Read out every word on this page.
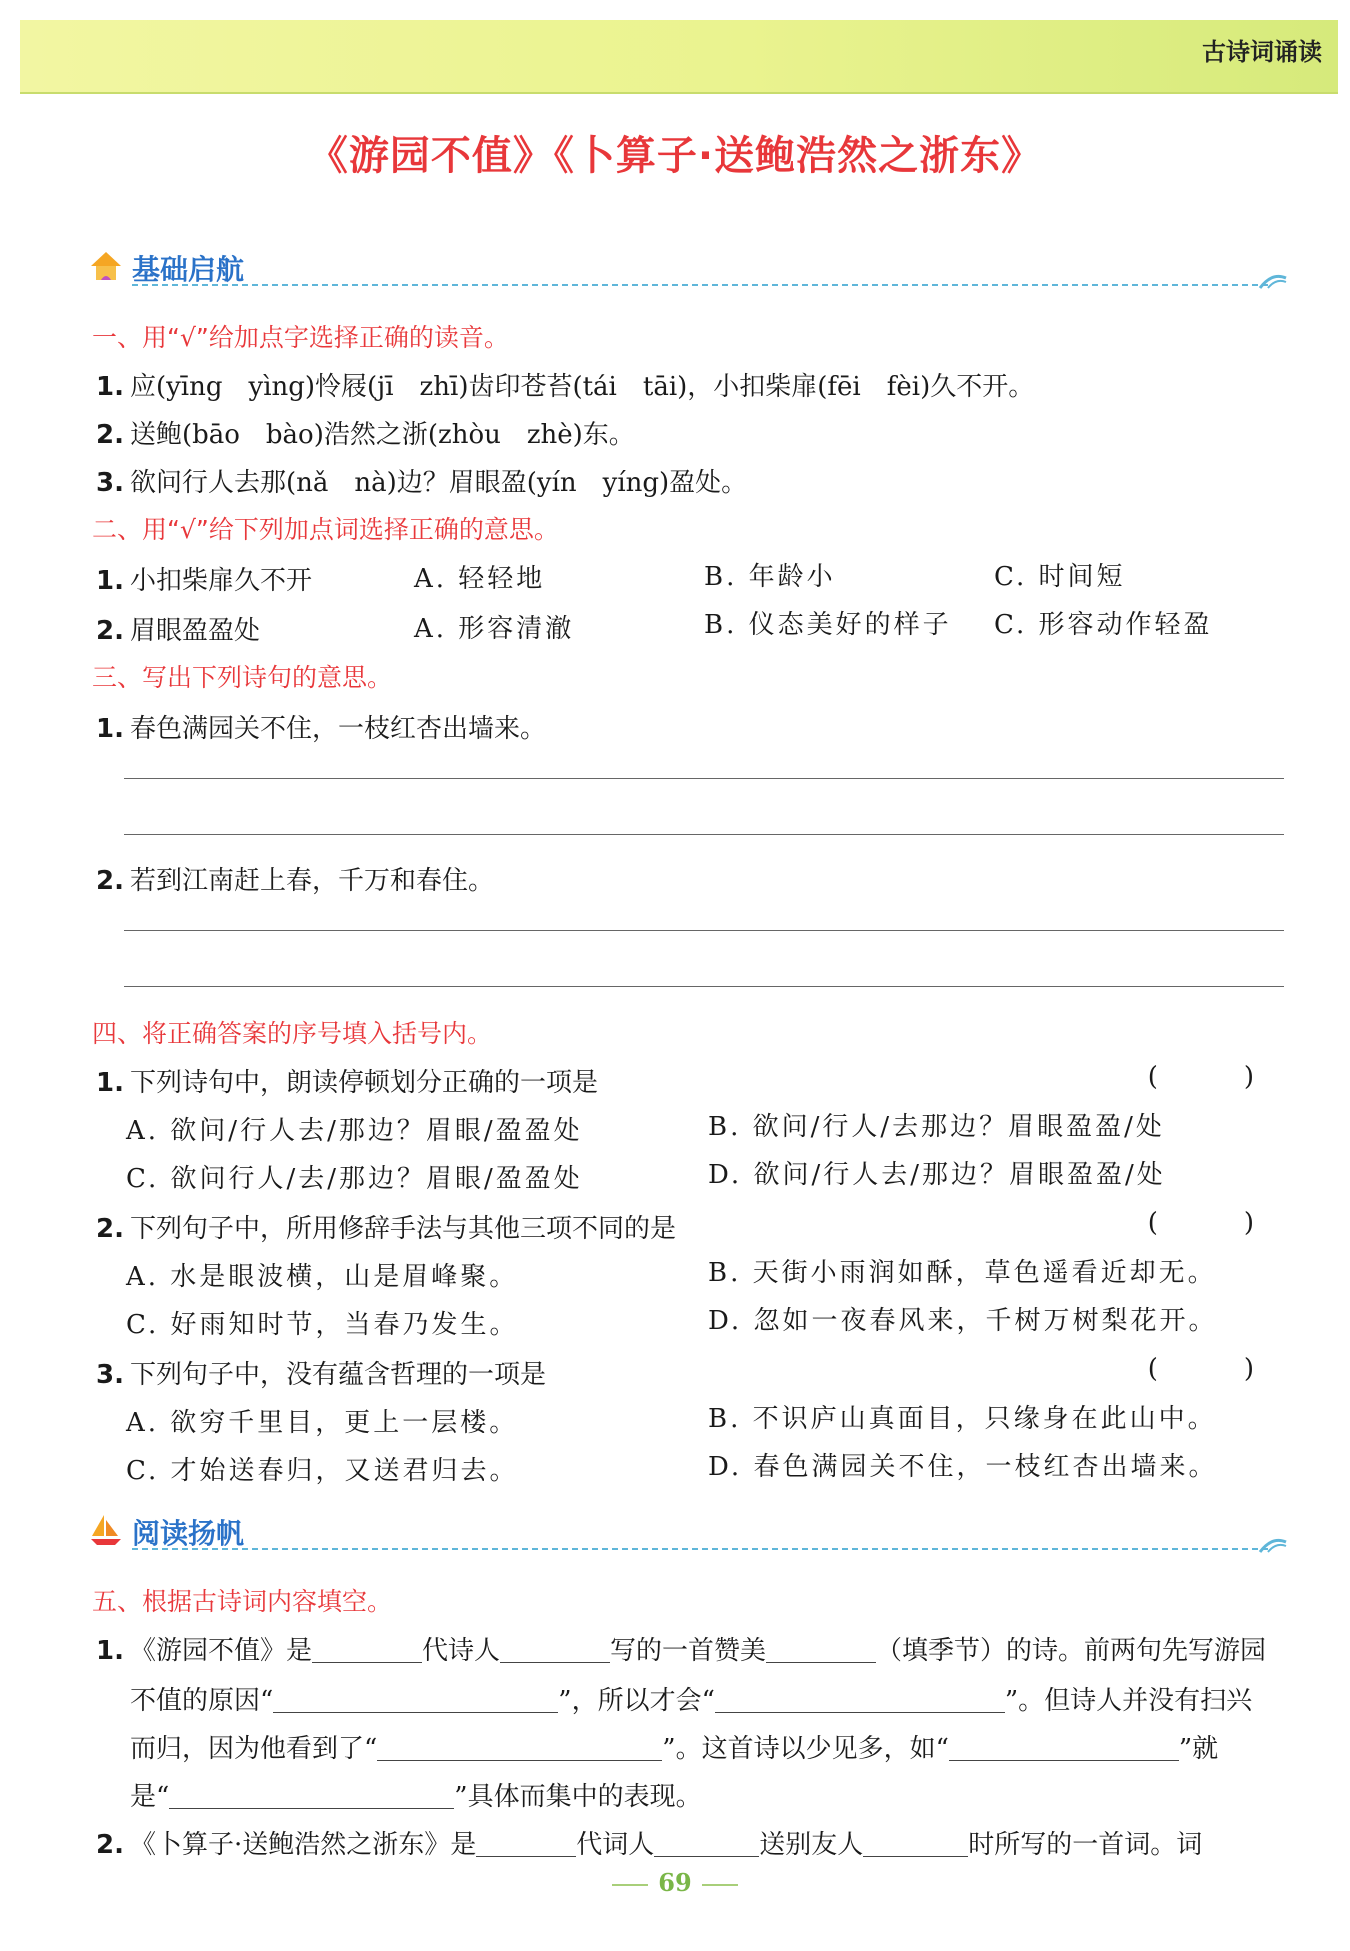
古诗词诵读
《游园不值》《卜算子·送鲍浩然之浙东》
基础启航
一、用“√”给加点字选择正确的读音。
1. 应(yīng　yìng)怜屐(jī　zhī)齿印苍苔(tái　tāi)，小扣柴扉(fēi　fèi)久不开。
2. 送鲍(bāo　bào)浩然之浙(zhòu　zhè)东。
3. 欲问行人去那(nǎ　nà)边？眉眼盈(yín　yíng)盈处。
二、用“√”给下列加点词选择正确的意思。
1. 小扣柴扉久不开	A. 轻轻地	B. 年龄小	C. 时间短
2. 眉眼盈盈处	A. 形容清澈	B. 仪态美好的样子 C. 形容动作轻盈
三、写出下列诗句的意思。
1. 春色满园关不住，一枝红杏出墙来。
2. 若到江南赶上春，千万和春住。
四、将正确答案的序号填入括号内。
1. 下列诗句中，朗读停顿划分正确的一项是	(　)
A. 欲问/行人去/那边？眉眼/盈盈处	B. 欲问/行人/去那边？眉眼盈盈/处
C. 欲问行人/去/那边？眉眼/盈盈处	D. 欲问/行人去/那边？眉眼盈盈/处
2. 下列句子中，所用修辞手法与其他三项不同的是	(　)
A. 水是眼波横，山是眉峰聚。	B. 天街小雨润如酥，草色遥看近却无。
C. 好雨知时节，当春乃发生。	D. 忽如一夜春风来，千树万树梨花开。
3. 下列句子中，没有蕴含哲理的一项是	(　)
A. 欲穷千里目，更上一层楼。	B. 不识庐山真面目，只缘身在此山中。
C. 才始送春归，又送君归去。	D. 春色满园关不住，一枝红杏出墙来。
阅读扬帆
五、根据古诗词内容填空。
1. 《游园不值》是	代诗人	写的一首赞美	（填季节）的诗。前两句先写游园
不值的原因“	”，所以才会“	”。但诗人并没有扫兴
而归，因为他看到了“	”。这首诗以少见多，如“	”就
是“	”具体而集中的表现。
2. 《卜算子·送鲍浩然之浙东》是	代词人	送别友人	时所写的一首词。词
69
